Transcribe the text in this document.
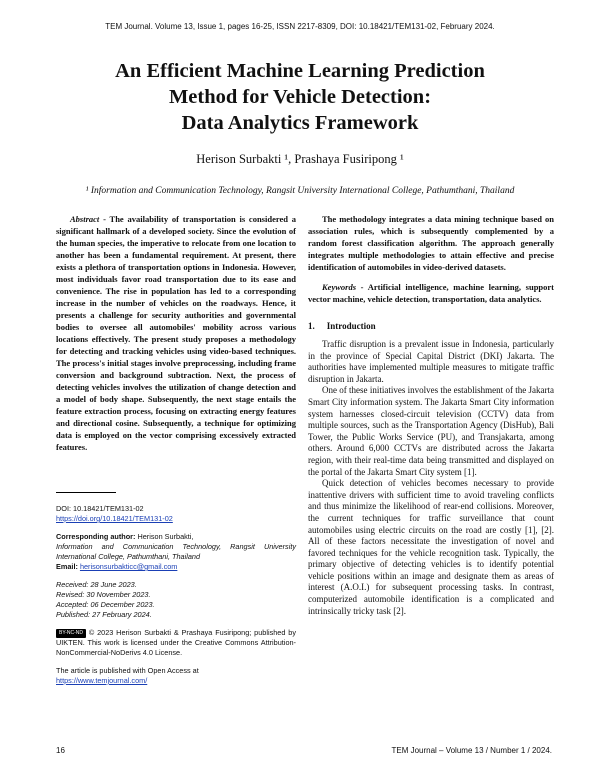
TEM Journal. Volume 13, Issue 1, pages 16-25, ISSN 2217-8309, DOI: 10.18421/TEM131-02, February 2024.
An Efficient Machine Learning Prediction
Method for Vehicle Detection:
Data Analytics Framework
Herison Surbakti ¹, Prashaya Fusiripong ¹
¹ Information and Communication Technology, Rangsit University International College, Pathumthani, Thailand

Abstract - The availability of transportation is considered a significant hallmark of a developed society. Since the evolution of the human species, the imperative to relocate from one location to another has been a fundamental requirement. At present, there exists a plethora of transportation options in Indonesia. However, most individuals favor road transportation due to its ease and convenience. The rise in population has led to a corresponding increase in the number of vehicles on the roadways. Hence, it presents a challenge for security authorities and governmental bodies to oversee all automobiles' mobility across various locations effectively. The present study proposes a methodology for detecting and tracking vehicles using video-based techniques. The process's initial stages involve preprocessing, including frame conversion and background subtraction. Next, the process of detecting vehicles involves the utilization of change detection and a model of body shape. Subsequently, the next stage entails the feature extraction process, focusing on extracting energy features and directional cosine. Subsequently, a technique for optimizing data is employed on the vector comprising excessively extracted features.

DOI: 10.18421/TEM131-02
https://doi.org/10.18421/TEM131-02
Corresponding author: Herison Surbakti,
Information and Communication Technology, Rangsit University International College, Pathumthani, Thailand
Email: herisonsurbakticc@gmail.com
Received: 28 June 2023.
Revised: 30 November 2023.
Accepted: 06 December 2023.
Published: 27 February 2024.
BY-NC-ND © 2023 Herison Surbakti & Prashaya Fusiripong; published by UIKTEN. This work is licensed under the Creative Commons Attribution-NonCommercial-NoDerivs 4.0 License.
The article is published with Open Access at
https://www.temjournal.com/

The methodology integrates a data mining technique based on association rules, which is subsequently complemented by a random forest classification algorithm. The approach generally integrates multiple methodologies to attain effective and precise identification of automobiles in video-derived datasets.

Keywords - Artificial intelligence, machine learning, support vector machine, vehicle detection, transportation, data analytics.

1. Introduction

Traffic disruption is a prevalent issue in Indonesia, particularly in the province of Special Capital District (DKI) Jakarta. The authorities have implemented multiple measures to mitigate traffic disruption in Jakarta.

One of these initiatives involves the establishment of the Jakarta Smart City information system. The Jakarta Smart City information system harnesses closed-circuit television (CCTV) data from multiple sources, such as the Transportation Agency (DisHub), Bali Tower, the Public Works Service (PU), and Transjakarta, among others. Around 6,000 CCTVs are distributed across the Jakarta region, with their real-time data being transmitted and displayed on the portal of the Jakarta Smart City system [1].

Quick detection of vehicles becomes necessary to provide inattentive drivers with sufficient time to avoid traveling conflicts and thus minimize the likelihood of rear-end collisions. Moreover, the current techniques for traffic surveillance that count automobiles using electric circuits on the road are costly [1], [2]. All of these factors necessitate the investigation of novel and favored techniques for the vehicle recognition task. Typically, the primary objective of detecting vehicles is to identify potential vehicle positions within an image and designate them as areas of interest (A.O.I.) for subsequent processing tasks. In contrast, computerized automobile identification is a complicated and intrinsically tricky task [2].

16	TEM Journal – Volume 13 / Number 1 / 2024.
